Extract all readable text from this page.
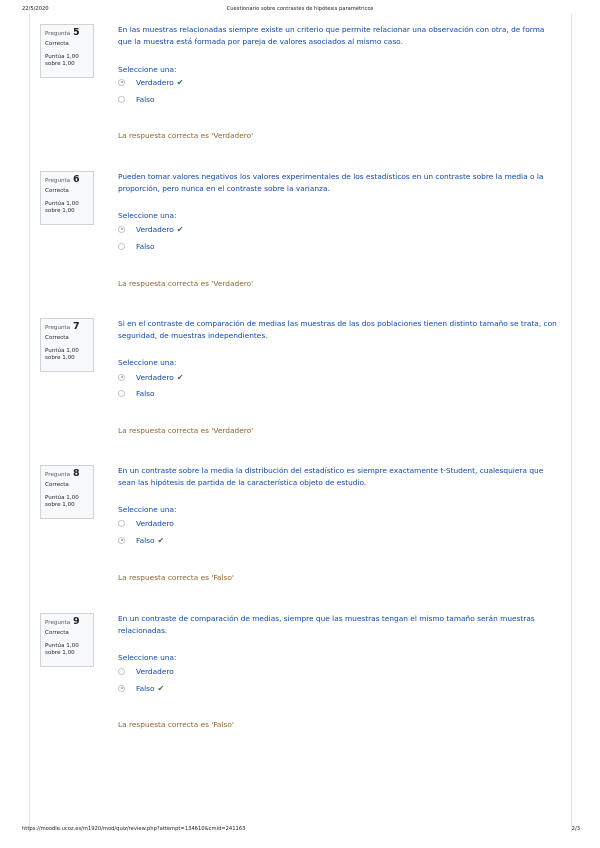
22/5/2020	Cuestionario sobre contrastes de hipótesis paramétricos
Pregunta 5
Correcta
Puntúa 1,00
sobre 1,00
En las muestras relacionadas siempre existe un criterio que permite relacionar una observación con otra, de forma que la muestra está formada por pareja de valores asociados al mismo caso.
Seleccione una:
Verdadero ✔
Falso
La respuesta correcta es 'Verdadero'
Pregunta 6
Correcta
Puntúa 1,00
sobre 1,00
Pueden tomar valores negativos los valores experimentales de los estadísticos en un contraste sobre la media o la proporción, pero nunca en el contraste sobre la varianza.
Seleccione una:
Verdadero ✔
Falso
La respuesta correcta es 'Verdadero'
Pregunta 7
Correcta
Puntúa 1,00
sobre 1,00
Si en el contraste de comparación de medias las muestras de las dos poblaciones tienen distinto tamaño se trata, con seguridad, de muestras independientes.
Seleccione una:
Verdadero ✔
Falso
La respuesta correcta es 'Verdadero'
Pregunta 8
Correcta
Puntúa 1,00
sobre 1,00
En un contraste sobre la media la distribución del estadístico es siempre exactamente t-Student, cualesquiera que sean las hipótesis de partida de la característica objeto de estudio.
Seleccione una:
Verdadero
Falso ✔
La respuesta correcta es 'Falso'
Pregunta 9
Correcta
Puntúa 1,00
sobre 1,00
En un contraste de comparación de medias, siempre que las muestras tengan el mismo tamaño serán muestras relacionadas.
Seleccione una:
Verdadero
Falso ✔
La respuesta correcta es 'Falso'
https://moodle.ucoz.es/m1920/mod/quiz/review.php?attempt=134610&cmid=241163	2/3
